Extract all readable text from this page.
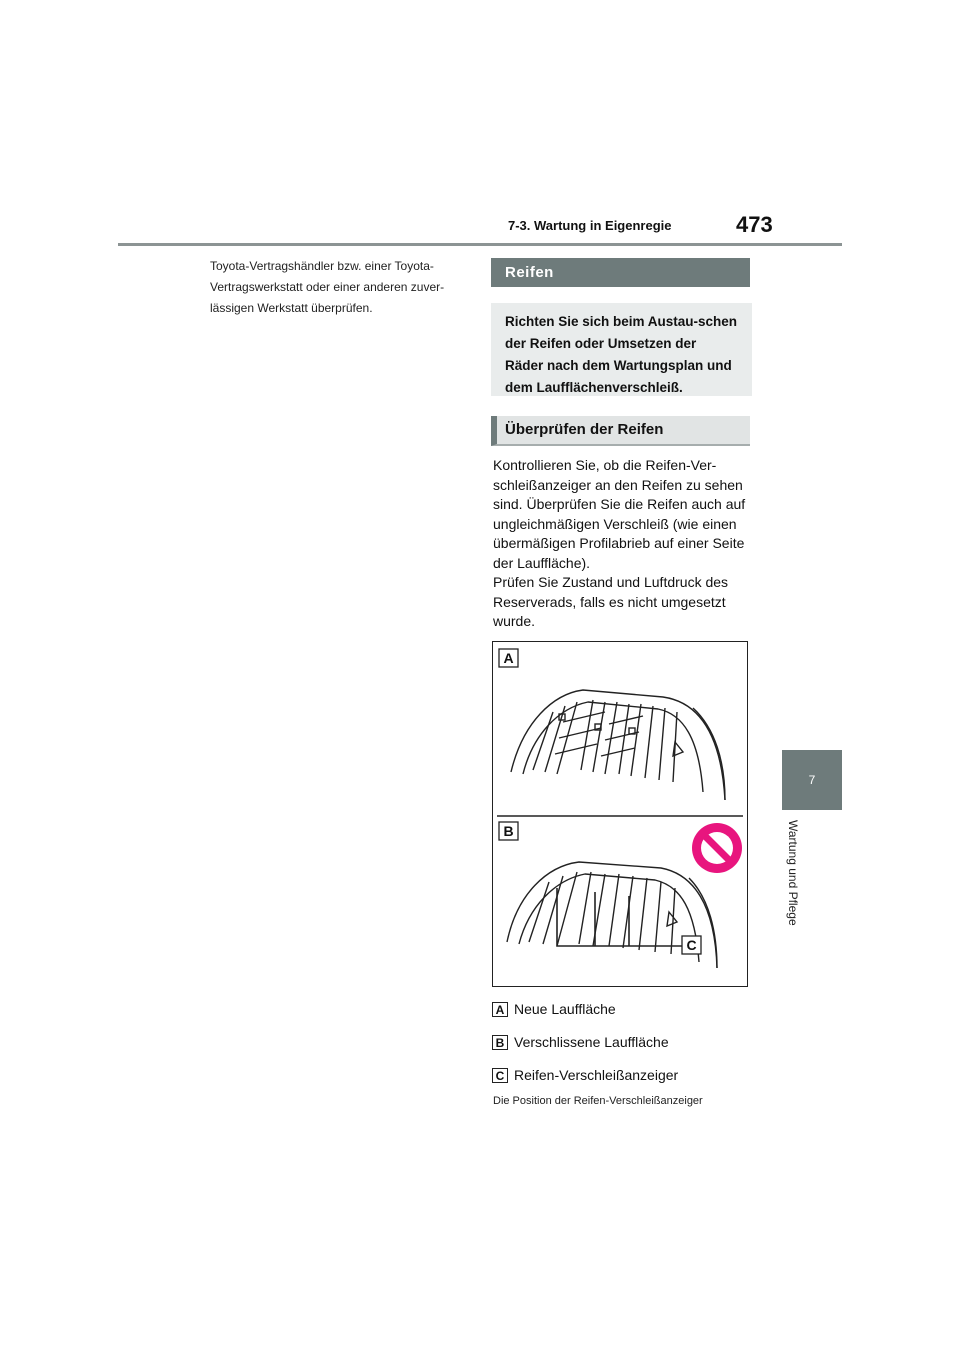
7-3. Wartung in Eigenregie	473
7
Wartung und Pflege
Toyota-Vertragshändler bzw. einer Toyota-Vertragswerkstatt oder einer anderen zuver-lässigen Werkstatt überprüfen.
Reifen
Richten Sie sich beim Austau-schen der Reifen oder Umsetzen der Räder nach dem Wartungsplan und dem Laufflächenverschleiß.
Überprüfen der Reifen

Kontrollieren Sie, ob die Reifen-Ver-schleißanzeiger an den Reifen zu sehen sind. Überprüfen Sie die Reifen auch auf ungleichmäßigen Verschleiß (wie einen übermäßigen Profilabrieb auf einer Seite der Lauffläche).

Prüfen Sie Zustand und Luftdruck des Reserverads, falls es nicht umgesetzt wurde.

A
B
C
A Neue Lauffläche
B Verschlissene Lauffläche
C Reifen-Verschleißanzeiger
Die Position der Reifen-Verschleißanzeiger
